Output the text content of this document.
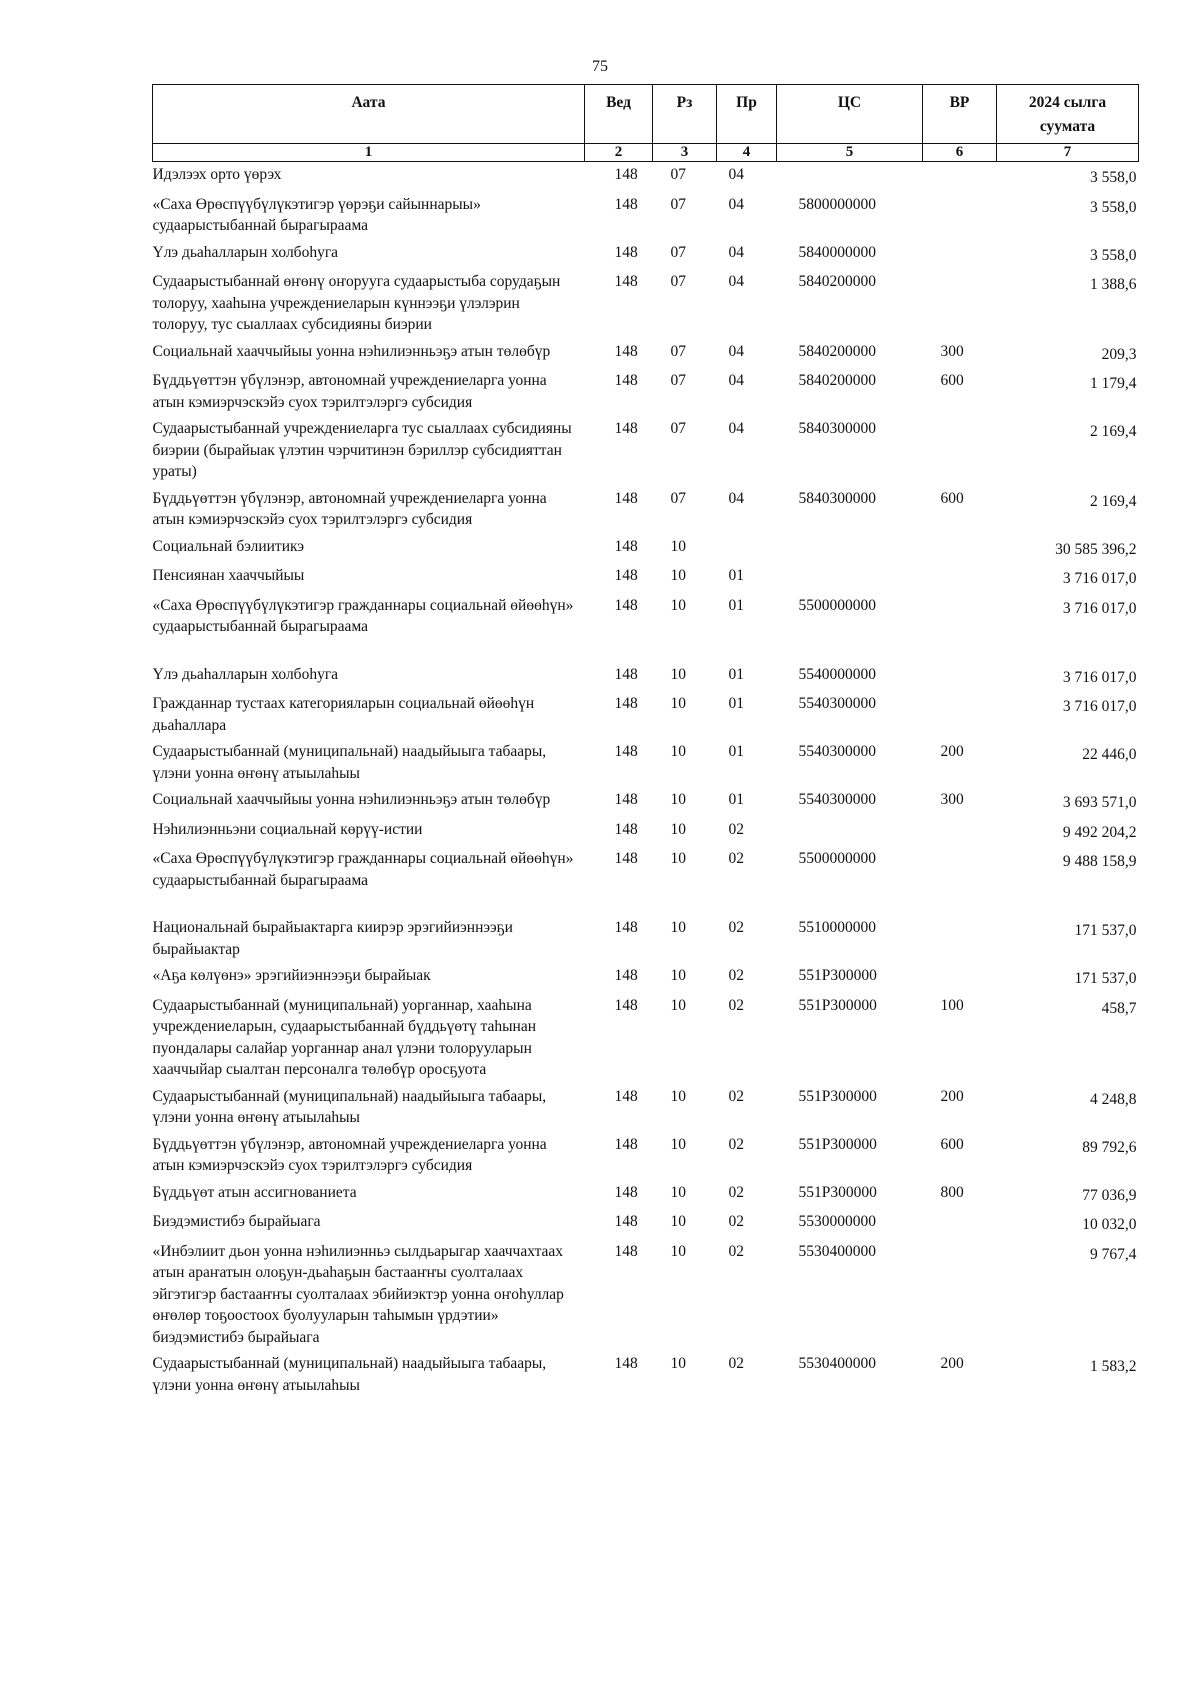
75
Аата	Вед	Рз	Пр	ЦС	ВР	2024 сылга суумата
1	2	3	4	5	6	7
Идэлээх орто үөрэх	148	07	04			3 558,0
«Саха Өрөспүүбүлүкэтигэр үөрэҕи сайыннарыы» судаарыстыбаннай бырагыраама	148	07	04	5800000000		3 558,0
Үлэ дьаһалларын холбоһуга	148	07	04	5840000000		3 558,0
Судаарыстыбаннай өҥөнү оҥорууга судаарыстыба сорудаҕын толоруу, хааһына учреждениеларын күннээҕи үлэлэрин толоруу, тус сыаллаах субсидияны биэрии	148	07	04	5840200000		1 388,6
Социальнай хааччыйыы уонна нэһилиэнньэҕэ атын төлөбүр	148	07	04	5840200000	300	209,3
Бүддьүөттэн үбүлэнэр, автономнай учреждениеларга уонна атын кэмиэрчэскэйэ суох тэрилтэлэргэ субсидия	148	07	04	5840200000	600	1 179,4
Судаарыстыбаннай учреждениеларга тус сыаллаах субсидияны биэрии (бырайыак үлэтин чэрчитинэн бэриллэр субсидияттан ураты)	148	07	04	5840300000		2 169,4
Бүддьүөттэн үбүлэнэр, автономнай учреждениеларга уонна атын кэмиэрчэскэйэ суох тэрилтэлэргэ субсидия	148	07	04	5840300000	600	2 169,4
Социальнай бэлиитикэ	148	10				30 585 396,2
Пенсиянан хааччыйыы	148	10	01			3 716 017,0
«Саха Өрөспүүбүлүкэтигэр гражданнары социальнай өйөөһүн» судаарыстыбаннай бырагыраама	148	10	01	5500000000		3 716 017,0
Үлэ дьаһалларын холбоһуга	148	10	01	5540000000		3 716 017,0
Гражданнар тустаах категорияларын социальнай өйөөһүн дьаһаллара	148	10	01	5540300000		3 716 017,0
Судаарыстыбаннай (муниципальнай) наадыйыыга табаары, үлэни уонна өҥөнү атыылаһыы	148	10	01	5540300000	200	22 446,0
Социальнай хааччыйыы уонна нэһилиэнньэҕэ атын төлөбүр	148	10	01	5540300000	300	3 693 571,0
Нэһилиэнньэни социальнай көрүү-истии	148	10	02			9 492 204,2
«Саха Өрөспүүбүлүкэтигэр гражданнары социальнай өйөөһүн» судаарыстыбаннай бырагыраама	148	10	02	5500000000		9 488 158,9
Национальнай бырайыактарга киирэр эрэгийиэннээҕи бырайыактар	148	10	02	5510000000		171 537,0
«Аҕа көлүөнэ» эрэгийиэннээҕи бырайыак	148	10	02	551Р300000		171 537,0
Судаарыстыбаннай (муниципальнай) уорганнар, хааһына учреждениеларын, судаарыстыбаннай бүддьүөтү таһынан пуондалары салайар уорганнар анал үлэни толорууларын хааччыйар сыалтан персоналга төлөбүр оросҕуота	148	10	02	551Р300000	100	458,7
Судаарыстыбаннай (муниципальнай) наадыйыыга табаары, үлэни уонна өҥөнү атыылаһыы	148	10	02	551Р300000	200	4 248,8
Бүддьүөттэн үбүлэнэр, автономнай учреждениеларга уонна атын кэмиэрчэскэйэ суох тэрилтэлэргэ субсидия	148	10	02	551Р300000	600	89 792,6
Бүддьүөт атын ассигнованиета	148	10	02	551Р300000	800	77 036,9
Биэдэмистибэ бырайыага	148	10	02	5530000000		10 032,0
«Инбэлиит дьон уонна нэһилиэнньэ сылдьарыгар хааччахтаах атын араҥатын олоҕун-дьаһаҕын бастааҥҥы суолталаах эйгэтигэр бастааҥҥы суолталаах эбийиэктэр уонна оҥоһуллар өҥөлөр тоҕоостоох буолууларын таһымын үрдэтии» биэдэмистибэ бырайыага	148	10	02	5530400000		9 767,4
Судаарыстыбаннай (муниципальнай) наадыйыыга табаары, үлэни уонна өҥөнү атыылаһыы	148	10	02	5530400000	200	1 583,2
